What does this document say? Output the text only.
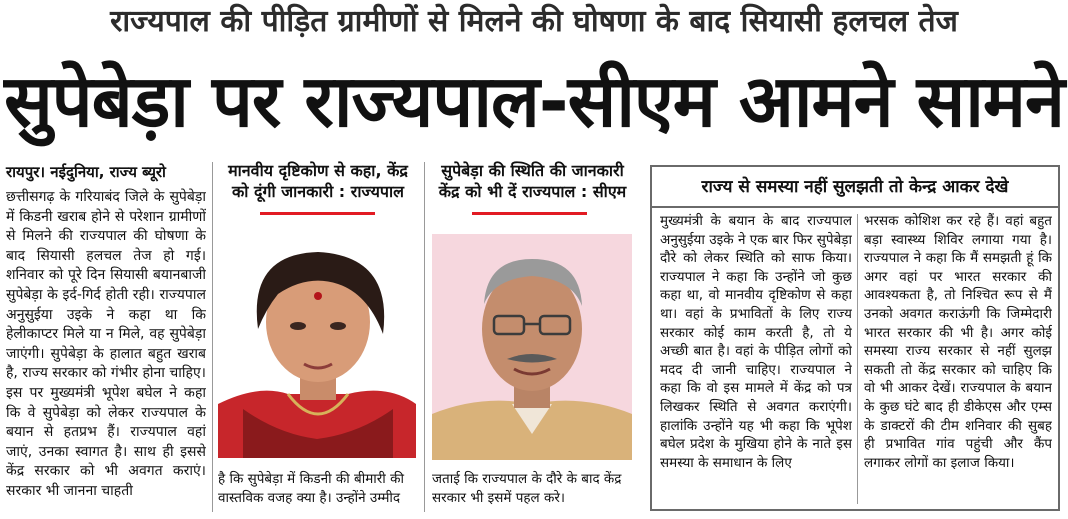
राज्यपाल की पीड़ित ग्रामीणों से मिलने की घोषणा के बाद सियासी हलचल तेज
सुपेबेड़ा पर राज्यपाल-सीएम आमने सामने
रायपुर। नईदुनिया, राज्य ब्यूरो
छत्तीसगढ़ के गरियाबंद जिले के सुपेबेड़ा में किडनी खराब होने से परेशान ग्रामीणों से मिलने की राज्यपाल की घोषणा के बाद सियासी हलचल तेज हो गई। शनिवार को पूरे दिन सियासी बयानबाजी सुपेबेड़ा के इर्द-गिर्द होती रही। राज्यपाल अनुसुईया उइके ने कहा था कि हेलीकाप्टर मिले या न मिले, वह सुपेबेड़ा जाएंगी। सुपेबेड़ा के हालात बहुत खराब है, राज्य सरकार को गंभीर होना चाहिए। इस पर मुख्यमंत्री भूपेश बघेल ने कहा कि वे सुपेबेड़ा को लेकर राज्यपाल के बयान से हतप्रभ हैं। राज्यपाल वहां जाएं, उनका स्वागत है। साथ ही इससे केंद्र सरकार को भी अवगत कराएं। सरकार भी जानना चाहती
मानवीय दृष्टिकोण से कहा, केंद्र को दूंगी जानकारी : राज्यपाल
है कि सुपेबेड़ा में किडनी की बीमारी की वास्तविक वजह क्या है। उन्होंने उम्मीद
सुपेबेड़ा की स्थिति की जानकारी केंद्र को भी दें राज्यपाल : सीएम
जताई कि राज्यपाल के दौरे के बाद केंद्र सरकार भी इसमें पहल करे।
राज्य से समस्या नहीं सुलझती तो केन्द्र आकर देखे
मुख्यमंत्री के बयान के बाद राज्यपाल अनुसुईया उइके ने एक बार फिर सुपेबेड़ा दौरे को लेकर स्थिति को साफ किया। राज्यपाल ने कहा कि उन्होंने जो कुछ कहा था, वो मानवीय दृष्टिकोण से कहा था। वहां के प्रभावितों के लिए राज्य सरकार कोई काम करती है, तो ये अच्छी बात है। वहां के पीड़ित लोगों को मदद दी जानी चाहिए। राज्यपाल ने कहा कि वो इस मामले में केंद्र को पत्र लिखकर स्थिति से अवगत कराएंगी। हालांकि उन्होंने यह भी कहा कि भूपेश बघेल प्रदेश के मुखिया होने के नाते इस समस्या के समाधान के लिए
भरसक कोशिश कर रहे हैं। वहां बहुत बड़ा स्वास्थ्य शिविर लगाया गया है। राज्यपाल ने कहा कि मैं समझती हूं कि अगर वहां पर भारत सरकार की आवश्यकता है, तो निश्चित रूप से मैं उनको अवगत कराऊंगी कि जिम्मेदारी भारत सरकार की भी है। अगर कोई समस्या राज्य सरकार से नहीं सुलझ सकती तो केंद्र सरकार को चाहिए कि वो भी आकर देखें। राज्यपाल के बयान के कुछ घंटे बाद ही डीकेएस और एम्स के डाक्टरों की टीम शनिवार की सुबह ही प्रभावित गांव पहुंची और कैंप लगाकर लोगों का इलाज किया।
